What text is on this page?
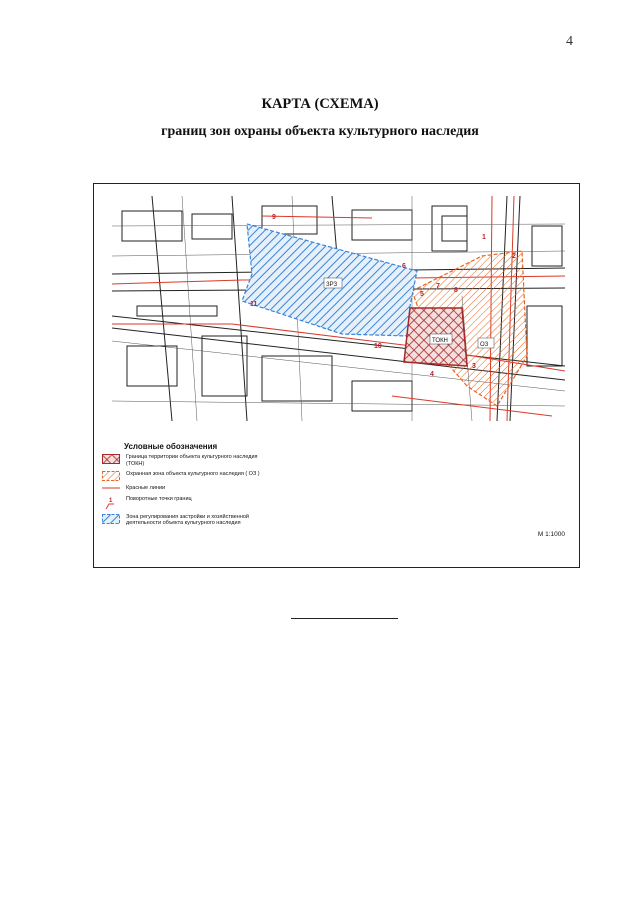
4
КАРТА (СХЕМА)
границ зон охраны объекта культурного наследия
ЗРЗ
ТОКН
ОЗ
1
2
3
4
5
6
7
8
9
10
11
Условные обозначения
Граница территории объекта культурного наследия (ТОКН)
Охранная зона объекта культурного наследия ( ОЗ )
Красные линии
1 Поворотные точки границ
Зона регулирования застройки и хозяйственной деятельности объекта культурного наследия
М 1:1000
